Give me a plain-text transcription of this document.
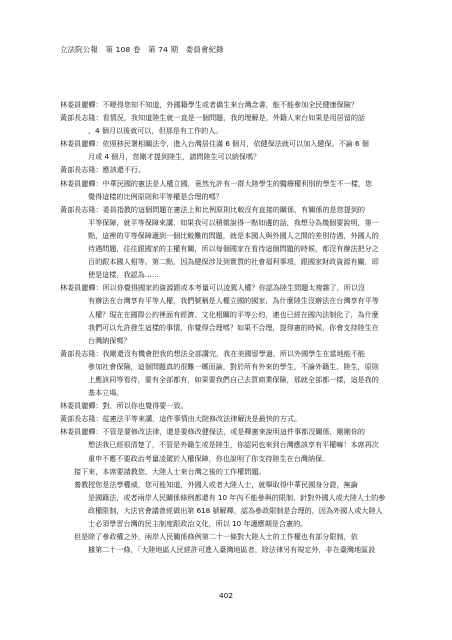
立法院公報　第 108 卷　第 74 期　委員會紀錄

林委員麗蟬：不曉得您知不知道，外國籍學生或者僑生來台灣念書，能不能參加全民健康保險？

黃部長志隆：看情況，我知道陸生就一直是一個問題，我的理解是，外籍人來台如果是用居留的話
，4 個月以後就可以，但那是有工作的人。

林委員麗蟬：依照移民署相關法令，進入台灣居住滿 6 個月，依健保法就可以加入健保。不論 6 個
月或 4 個月，您剛才提到陸生，請問陸生可以納保嗎？

黃部長志隆：應該還不行。

林委員麗蟬：中華民國的憲法是人權立國，竟然允許有一群大陸學生的醫療權利別的學生不一樣，您
覺得這樣的比例原則和平等權是合理的嗎？

黃部長志隆：委員指教的這個問題在憲法上和比例原則比較沒有直接的關係，有關係的是您提到的
平等保障，就平等保障來講，如果我可以稍微說得一點如邊的話，我想分為幾個要說明，第一
點，這裡的平等保障適到一個比較難的問題，就是本國人與外國人之間的差別待遇，外國人的
待遇問題，往往跟國家的主權有關，所以每個國家在看待這個問題的時候，都沒有辦法把分之
百的跟本國人相等。第二點，因為健保涉及到實質的社會福利事項，跟國家財政資源有關，即
使是這樣，我認為……

林委員麗蟬：所以你覺得國家的資源跟或本考量可以凌駕人權？你認為陸生問題太複雜了，所以沒
有辦法在台灣享有平等人權，我們號稱是人權立國的國家，為什麼陸生沒辦法在台灣享有平等
人權？現在在國際公約裡面有經濟、文化相關的平等公約，連也已經在國內法制化了，為什麼
我們可以允許發生這樣的事情，你覺得合理嗎？如果不合理，提得憲的時候，你會支持陸生在
台灣納保嗎？

黃部長志隆：我剛還沒有機會把我的想法全部講完，我在美國留學過，所以外國學生在當地能不能
參加社會保險，這個問題真的很難一概而論，對於所有外來的學生，不論外籍生、陸生，原則
上應該同等看待，要有全部都有，如果要我們自己去買商業保險，那就全部都一樣，這是我的
基本立場。

林委員麗蟬：對，所以你也覺得要一致。

黃部長志隆：從憲法平等來講，這件事情由大院修改法律解決是最快的方式。

林委員麗蟬：不管是要修改法律，還是要修改健保法，或是釋憲來說明這件事都沒關係，剛剛你的
想法我已經很清楚了，不管是外籍生或是陸生，你認同也來到台灣應該享有平權嘛！本席再次
重申不應不要政治考量凌駕於人權保障，你也說明了你支持陸生在台灣納保。

接下來，本席要請教您，大陸人士來台灣之後的工作權問題。

養教授您是法學權威，您可能知道，外國人或者大陸人士，就舉取得中華民國身分證，無論
是國籍法，或者兩岸人民關係條例都還有 10 年內不能參與的限制，針對外國人或大陸人士的參
政權限制，大法官會議曾經做出第 618 號解釋，認為參政限制是合理的，因為外國人或大陸人
士必須學習台灣的民主制度跟政治文化，所以 10 年適應期是合憲的。

但是除了參政權之外，兩岸人民關係條例第二十一條對大陸人士的工作權也有部分限制，依
據第二十一條，「大陸地區人民經許可進入臺灣地區者，除法律另有規定外，非在臺灣地區設

402
